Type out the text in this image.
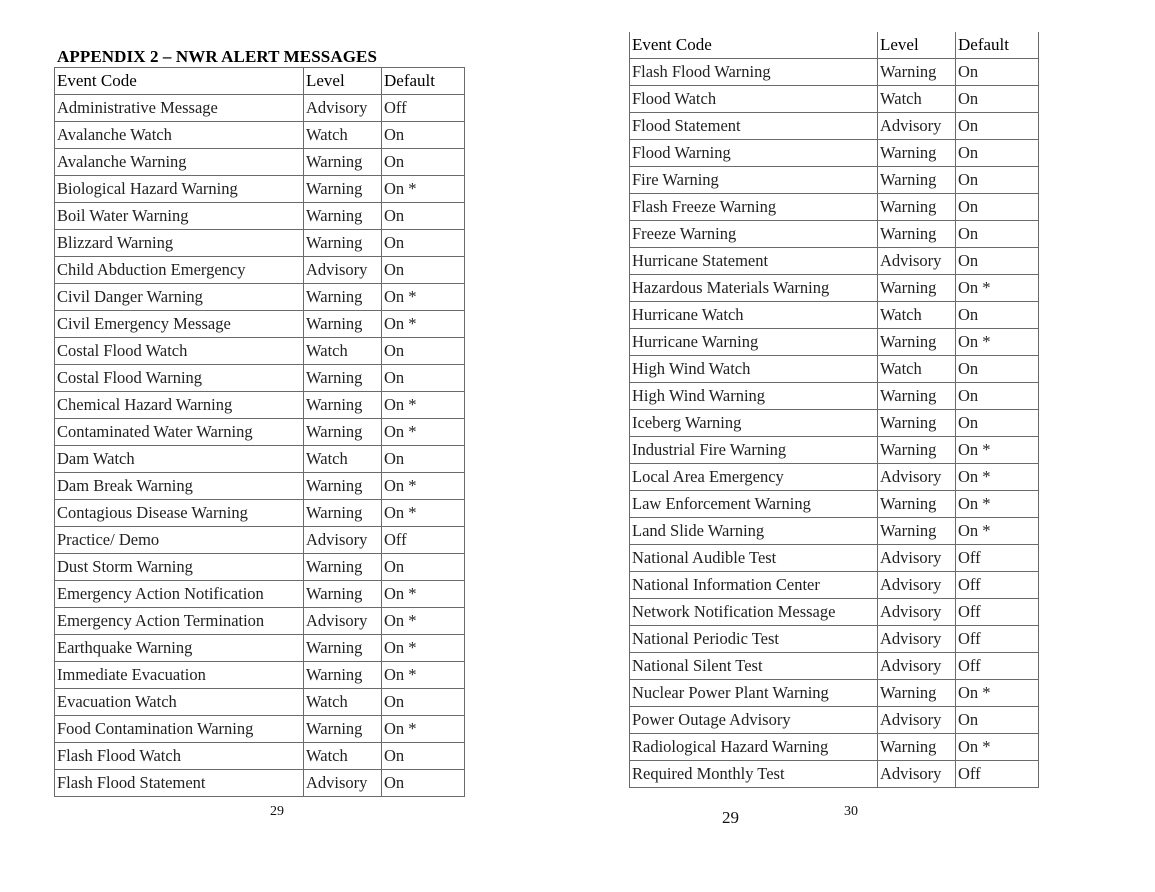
APPENDIX 2 – NWR ALERT MESSAGES
Event Code	Level	Default
Administrative Message	Advisory	Off
Avalanche Watch	Watch	On
Avalanche Warning	Warning	On
Biological Hazard Warning	Warning	On *
Boil Water Warning	Warning	On
Blizzard Warning	Warning	On
Child Abduction Emergency	Advisory	On
Civil Danger Warning	Warning	On *
Civil Emergency Message	Warning	On *
Costal Flood Watch	Watch	On
Costal Flood Warning	Warning	On
Chemical Hazard Warning	Warning	On *
Contaminated Water Warning	Warning	On *
Dam Watch	Watch	On
Dam Break Warning	Warning	On *
Contagious Disease Warning	Warning	On *
Practice/ Demo	Advisory	Off
Dust Storm Warning	Warning	On
Emergency Action Notification	Warning	On *
Emergency Action Termination	Advisory	On *
Earthquake Warning	Warning	On *
Immediate Evacuation	Warning	On *
Evacuation Watch	Watch	On
Food Contamination Warning	Warning	On *
Flash Flood Watch	Watch	On
Flash Flood Statement	Advisory	On
Event Code	Level	Default
Flash Flood Warning	Warning	On
Flood Watch	Watch	On
Flood Statement	Advisory	On
Flood Warning	Warning	On
Fire Warning	Warning	On
Flash Freeze Warning	Warning	On
Freeze Warning	Warning	On
Hurricane Statement	Advisory	On
Hazardous Materials Warning	Warning	On *
Hurricane Watch	Watch	On
Hurricane Warning	Warning	On *
High Wind Watch	Watch	On
High Wind Warning	Warning	On
Iceberg Warning	Warning	On
Industrial Fire Warning	Warning	On *
Local Area Emergency	Advisory	On *
Law Enforcement Warning	Warning	On *
Land Slide Warning	Warning	On *
National Audible Test	Advisory	Off
National Information Center	Advisory	Off
Network Notification Message	Advisory	Off
National Periodic Test	Advisory	Off
National Silent Test	Advisory	Off
Nuclear Power Plant Warning	Warning	On *
Power Outage Advisory	Advisory	On
Radiological Hazard Warning	Warning	On *
Required Monthly Test	Advisory	Off
29	29	30
